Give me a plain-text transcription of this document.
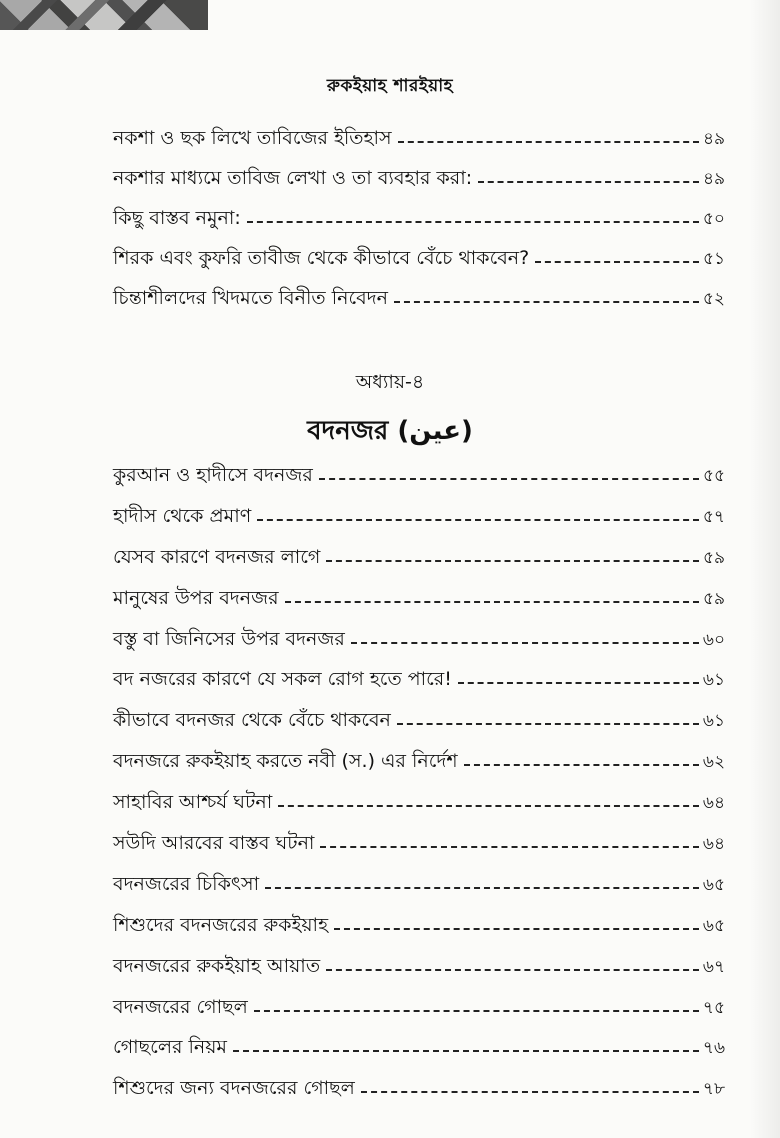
রুকইয়াহ শারইয়াহ
নকশা ও ছক লিখে তাবিজের ইতিহাস	৪৯
নকশার মাধ্যমে তাবিজ লেখা ও তা ব্যবহার করা:	৪৯
কিছু বাস্তব নমুনা:	৫০
শিরক এবং কুফরি তাবীজ থেকে কীভাবে বেঁচে থাকবেন?	৫১
চিন্তাশীলদের খিদমতে বিনীত নিবেদন	৫২
অধ্যায়-৪
বদনজর (عين)
কুরআন ও হাদীসে বদনজর	৫৫
হাদীস থেকে প্রমাণ	৫৭
যেসব কারণে বদনজর লাগে	৫৯
মানুষের উপর বদনজর	৫৯
বস্তু বা জিনিসের উপর বদনজর	৬০
বদ নজরের কারণে যে সকল রোগ হতে পারে!	৬১
কীভাবে বদনজর থেকে বেঁচে থাকবেন	৬১
বদনজরে রুকইয়াহ করতে নবী (স.) এর নির্দেশ	৬২
সাহাবির আশ্চর্য ঘটনা	৬৪
সউদি আরবের বাস্তব ঘটনা	৬৪
বদনজরের চিকিৎসা	৬৫
শিশুদের বদনজরের রুকইয়াহ	৬৫
বদনজরের রুকইয়াহ আয়াত	৬৭
বদনজরের গোছল	৭৫
গোছলের নিয়ম	৭৬
শিশুদের জন্য বদনজরের গোছল	৭৮
